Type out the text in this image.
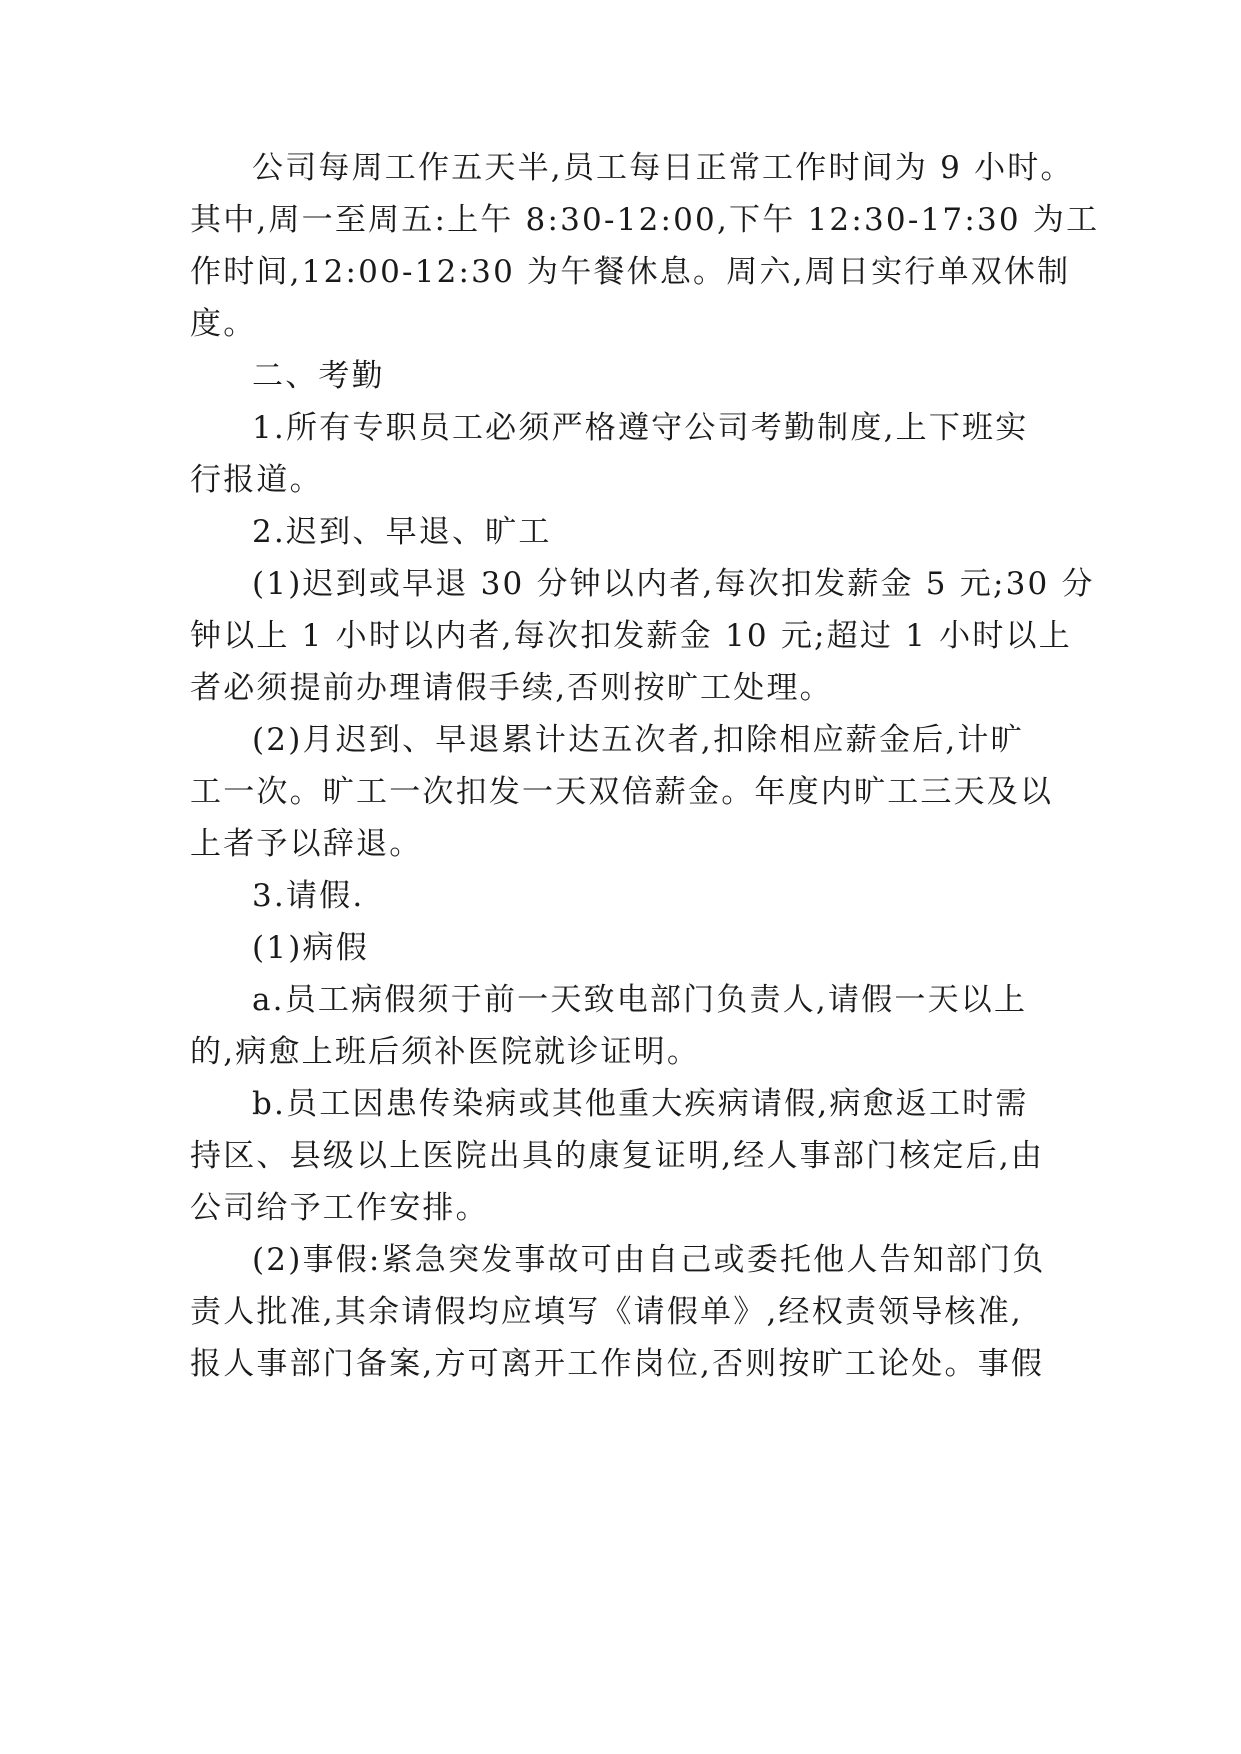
公司每周工作五天半,员工每日正常工作时间为 9 小时。
其中,周一至周五:上午 8:30-12:00,下午 12:30-17:30 为工
作时间,12:00-12:30 为午餐休息。周六,周日实行单双休制
度。
二、考勤
1.所有专职员工必须严格遵守公司考勤制度,上下班实
行报道。
2.迟到、早退、旷工
(1)迟到或早退 30 分钟以内者,每次扣发薪金 5 元;30 分
钟以上 1 小时以内者,每次扣发薪金 10 元;超过 1 小时以上
者必须提前办理请假手续,否则按旷工处理。
(2)月迟到、早退累计达五次者,扣除相应薪金后,计旷
工一次。旷工一次扣发一天双倍薪金。年度内旷工三天及以
上者予以辞退。
3.请假.
(1)病假
a.员工病假须于前一天致电部门负责人,请假一天以上
的,病愈上班后须补医院就诊证明。
b.员工因患传染病或其他重大疾病请假,病愈返工时需
持区、县级以上医院出具的康复证明,经人事部门核定后,由
公司给予工作安排。
(2)事假:紧急突发事故可由自己或委托他人告知部门负
责人批准,其余请假均应填写《请假单》,经权责领导核准,
报人事部门备案,方可离开工作岗位,否则按旷工论处。事假
